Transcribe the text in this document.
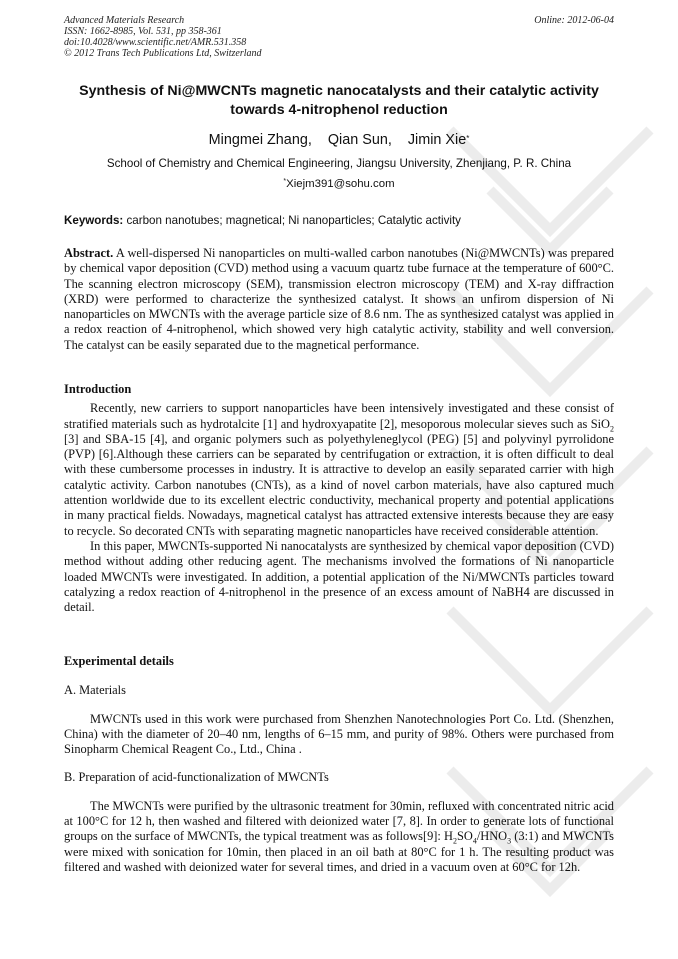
Advanced Materials Research
ISSN: 1662-8985, Vol. 531, pp 358-361
doi:10.4028/www.scientific.net/AMR.531.358
© 2012 Trans Tech Publications Ltd, Switzerland
Online: 2012-06-04
Synthesis of Ni@MWCNTs magnetic nanocatalysts and their catalytic activity towards 4-nitrophenol reduction
Mingmei Zhang, Qian Sun, Jimin Xie*
School of Chemistry and Chemical Engineering, Jiangsu University, Zhenjiang, P. R. China
*Xiejm391@sohu.com
Keywords: carbon nanotubes; magnetical; Ni nanoparticles; Catalytic activity

Abstract. A well-dispersed Ni nanoparticles on multi-walled carbon nanotubes (Ni@MWCNTs) was prepared by chemical vapor deposition (CVD) method using a vacuum quartz tube furnace at the temperature of 600°C. The scanning electron microscopy (SEM), transmission electron microscopy (TEM) and X-ray diffraction (XRD) were performed to characterize the synthesized catalyst. It shows an unfirom dispersion of Ni nanoparticles on MWCNTs with the average particle size of 8.6 nm. The as synthesized catalyst was applied in a redox reaction of 4-nitrophenol, which showed very high catalytic activity, stability and well conversion. The catalyst can be easily separated due to the magnetical performance.

Introduction

Recently, new carriers to support nanoparticles have been intensively investigated and these consist of stratified materials such as hydrotalcite [1] and hydroxyapatite [2], mesoporous molecular sieves such as SiO$_2$ [3] and SBA-15 [4], and organic polymers such as polyethyleneglycol (PEG) [5] and polyvinyl pyrrolidone (PVP) [6].Although these carriers can be separated by centrifugation or extraction, it is often difficult to deal with these cumbersome processes in industry. It is attractive to develop an easily separated carrier with high catalytic activity. Carbon nanotubes (CNTs), as a kind of novel carbon materials, have also captured much attention worldwide due to its excellent electric conductivity, mechanical property and potential applications in many practical fields. Nowadays, magnetical catalyst has attracted extensive interests because they are easy to recycle. So decorated CNTs with separating magnetic nanoparticles have received considerable attention.

In this paper, MWCNTs-supported Ni nanocatalysts are synthesized by chemical vapor deposition (CVD) method without adding other reducing agent. The mechanisms involved the formations of Ni nanoparticle loaded MWCNTs were investigated. In addition, a potential application of the Ni/MWCNTs particles toward catalyzing a redox reaction of 4-nitrophenol in the presence of an excess amount of NaBH4 are discussed in detail.

Experimental details

A. Materials

MWCNTs used in this work were purchased from Shenzhen Nanotechnologies Port Co. Ltd. (Shenzhen, China) with the diameter of 20–40 nm, lengths of 6–15 mm, and purity of 98%. Others were purchased from Sinopharm Chemical Reagent Co., Ltd., China .

B. Preparation of acid-functionalization of MWCNTs

The MWCNTs were purified by the ultrasonic treatment for 30min, refluxed with concentrated nitric acid at 100°C for 12 h, then washed and filtered with deionized water [7, 8]. In order to generate lots of functional groups on the surface of MWCNTs, the typical treatment was as follows[9]: $H_2SO_4/HNO_3$ (3:1) and MWCNTs were mixed with sonication for 10min, then placed in an oil bath at 80°C for 1 h. The resulting product was filtered and washed with deionized water for several times, and dried in a vacuum oven at 60°C for 12h.
